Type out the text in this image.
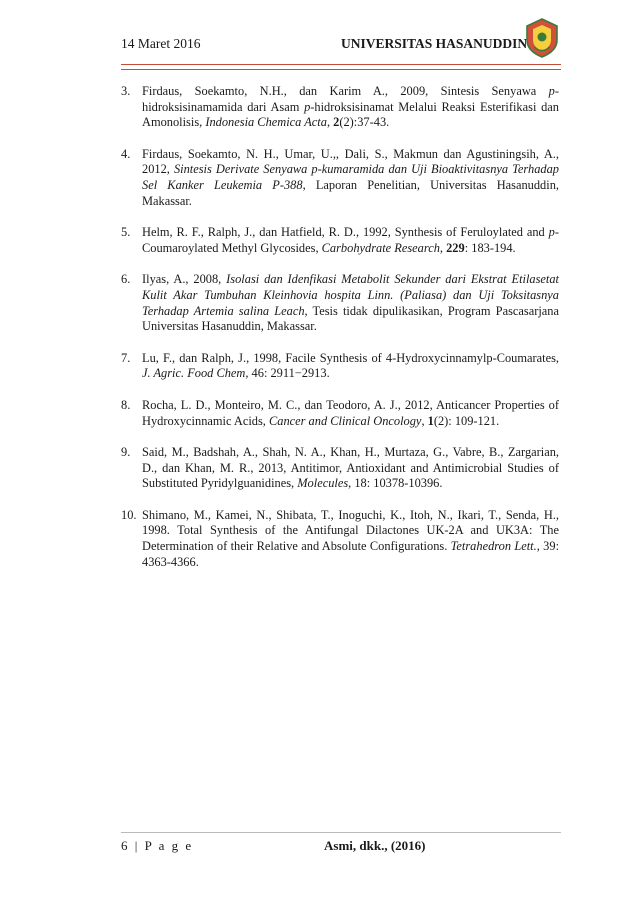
14 Maret 2016	UNIVERSITAS HASANUDDIN
3. Firdaus, Soekamto, N.H., dan Karim A., 2009, Sintesis Senyawa p-hidroksisinamamida dari Asam p-hidroksisinamat Melalui Reaksi Esterifikasi dan Amonolisis, Indonesia Chemica Acta, 2(2):37-43.
4. Firdaus, Soekamto, N. H., Umar, U.,, Dali, S., Makmun dan Agustiningsih, A., 2012, Sintesis Derivate Senyawa p-kumaramida dan Uji Bioaktivitasnya Terhadap Sel Kanker Leukemia P-388, Laporan Penelitian, Universitas Hasanuddin, Makassar.
5. Helm, R. F., Ralph, J., dan Hatfield, R. D., 1992, Synthesis of Feruloylated and p-Coumaroylated Methyl Glycosides, Carbohydrate Research, 229: 183-194.
6. Ilyas, A., 2008, Isolasi dan Idenfikasi Metabolit Sekunder dari Ekstrat Etilasetat Kulit Akar Tumbuhan Kleinhovia hospita Linn. (Paliasa) dan Uji Toksitasnya Terhadap Artemia salina Leach, Tesis tidak dipulikasikan, Program Pascasarjana Universitas Hasanuddin, Makassar.
7. Lu, F., dan Ralph, J., 1998, Facile Synthesis of 4-Hydroxycinnamylp-Coumarates, J. Agric. Food Chem, 46: 2911−2913.
8. Rocha, L. D., Monteiro, M. C., dan Teodoro, A. J., 2012, Anticancer Properties of Hydroxycinnamic Acids, Cancer and Clinical Oncology, 1(2): 109-121.
9. Said, M., Badshah, A., Shah, N. A., Khan, H., Murtaza, G., Vabre, B., Zargarian, D., dan Khan, M. R., 2013, Antitimor, Antioxidant and Antimicrobial Studies of Substituted Pyridylguanidines, Molecules, 18: 10378-10396.
10. Shimano, M., Kamei, N., Shibata, T., Inoguchi, K., Itoh, N., Ikari, T., Senda, H., 1998. Total Synthesis of the Antifungal Dilactones UK-2A and UK3A: The Determination of their Relative and Absolute Configurations. Tetrahedron Lett., 39: 4363-4366.
6 | P a g e	Asmi, dkk., (2016)
